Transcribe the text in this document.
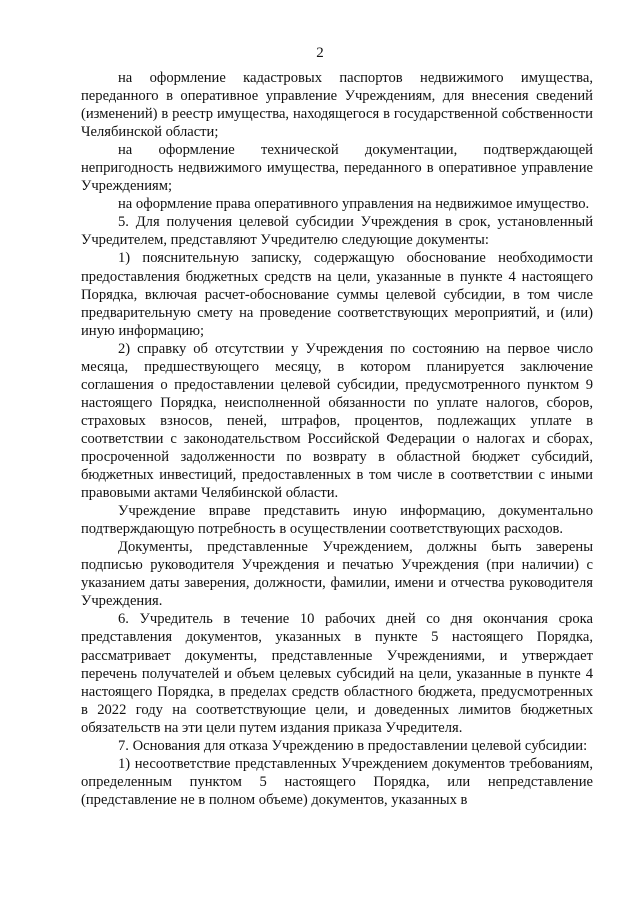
2

на оформление кадастровых паспортов недвижимого имущества, переданного в оперативное управление Учреждениям, для внесения сведений (изменений) в реестр имущества, находящегося в государственной собственности Челябинской области;

на оформление технической документации, подтверждающей непригодность недвижимого имущества, переданного в оперативное управление Учреждениям;

на оформление права оперативного управления на недвижимое имущество.

5. Для получения целевой субсидии Учреждения в срок, установленный Учредителем, представляют Учредителю следующие документы:

1) пояснительную записку, содержащую обоснование необходимости предоставления бюджетных средств на цели, указанные в пункте 4 настоящего Порядка, включая расчет-обоснование суммы целевой субсидии, в том числе предварительную смету на проведение соответствующих мероприятий, и (или) иную информацию;

2) справку об отсутствии у Учреждения по состоянию на первое число месяца, предшествующего месяцу, в котором планируется заключение соглашения о предоставлении целевой субсидии, предусмотренного пунктом 9 настоящего Порядка, неисполненной обязанности по уплате налогов, сборов, страховых взносов, пеней, штрафов, процентов, подлежащих уплате в соответствии с законодательством Российской Федерации о налогах и сборах, просроченной задолженности по возврату в областной бюджет субсидий, бюджетных инвестиций, предоставленных в том числе в соответствии с иными правовыми актами Челябинской области.

Учреждение вправе представить иную информацию, документально подтверждающую потребность в осуществлении соответствующих расходов.

Документы, представленные Учреждением, должны быть заверены подписью руководителя Учреждения и печатью Учреждения (при наличии) с указанием даты заверения, должности, фамилии, имени и отчества руководителя Учреждения.

6. Учредитель в течение 10 рабочих дней со дня окончания срока представления документов, указанных в пункте 5 настоящего Порядка, рассматривает документы, представленные Учреждениями, и утверждает перечень получателей и объем целевых субсидий на цели, указанные в пункте 4 настоящего Порядка, в пределах средств областного бюджета, предусмотренных в 2022 году на соответствующие цели, и доведенных лимитов бюджетных обязательств на эти цели путем издания приказа Учредителя.

7. Основания для отказа Учреждению в предоставлении целевой субсидии:

1) несоответствие представленных Учреждением документов требованиям, определенным пунктом 5 настоящего Порядка, или непредставление (представление не в полном объеме) документов, указанных в
